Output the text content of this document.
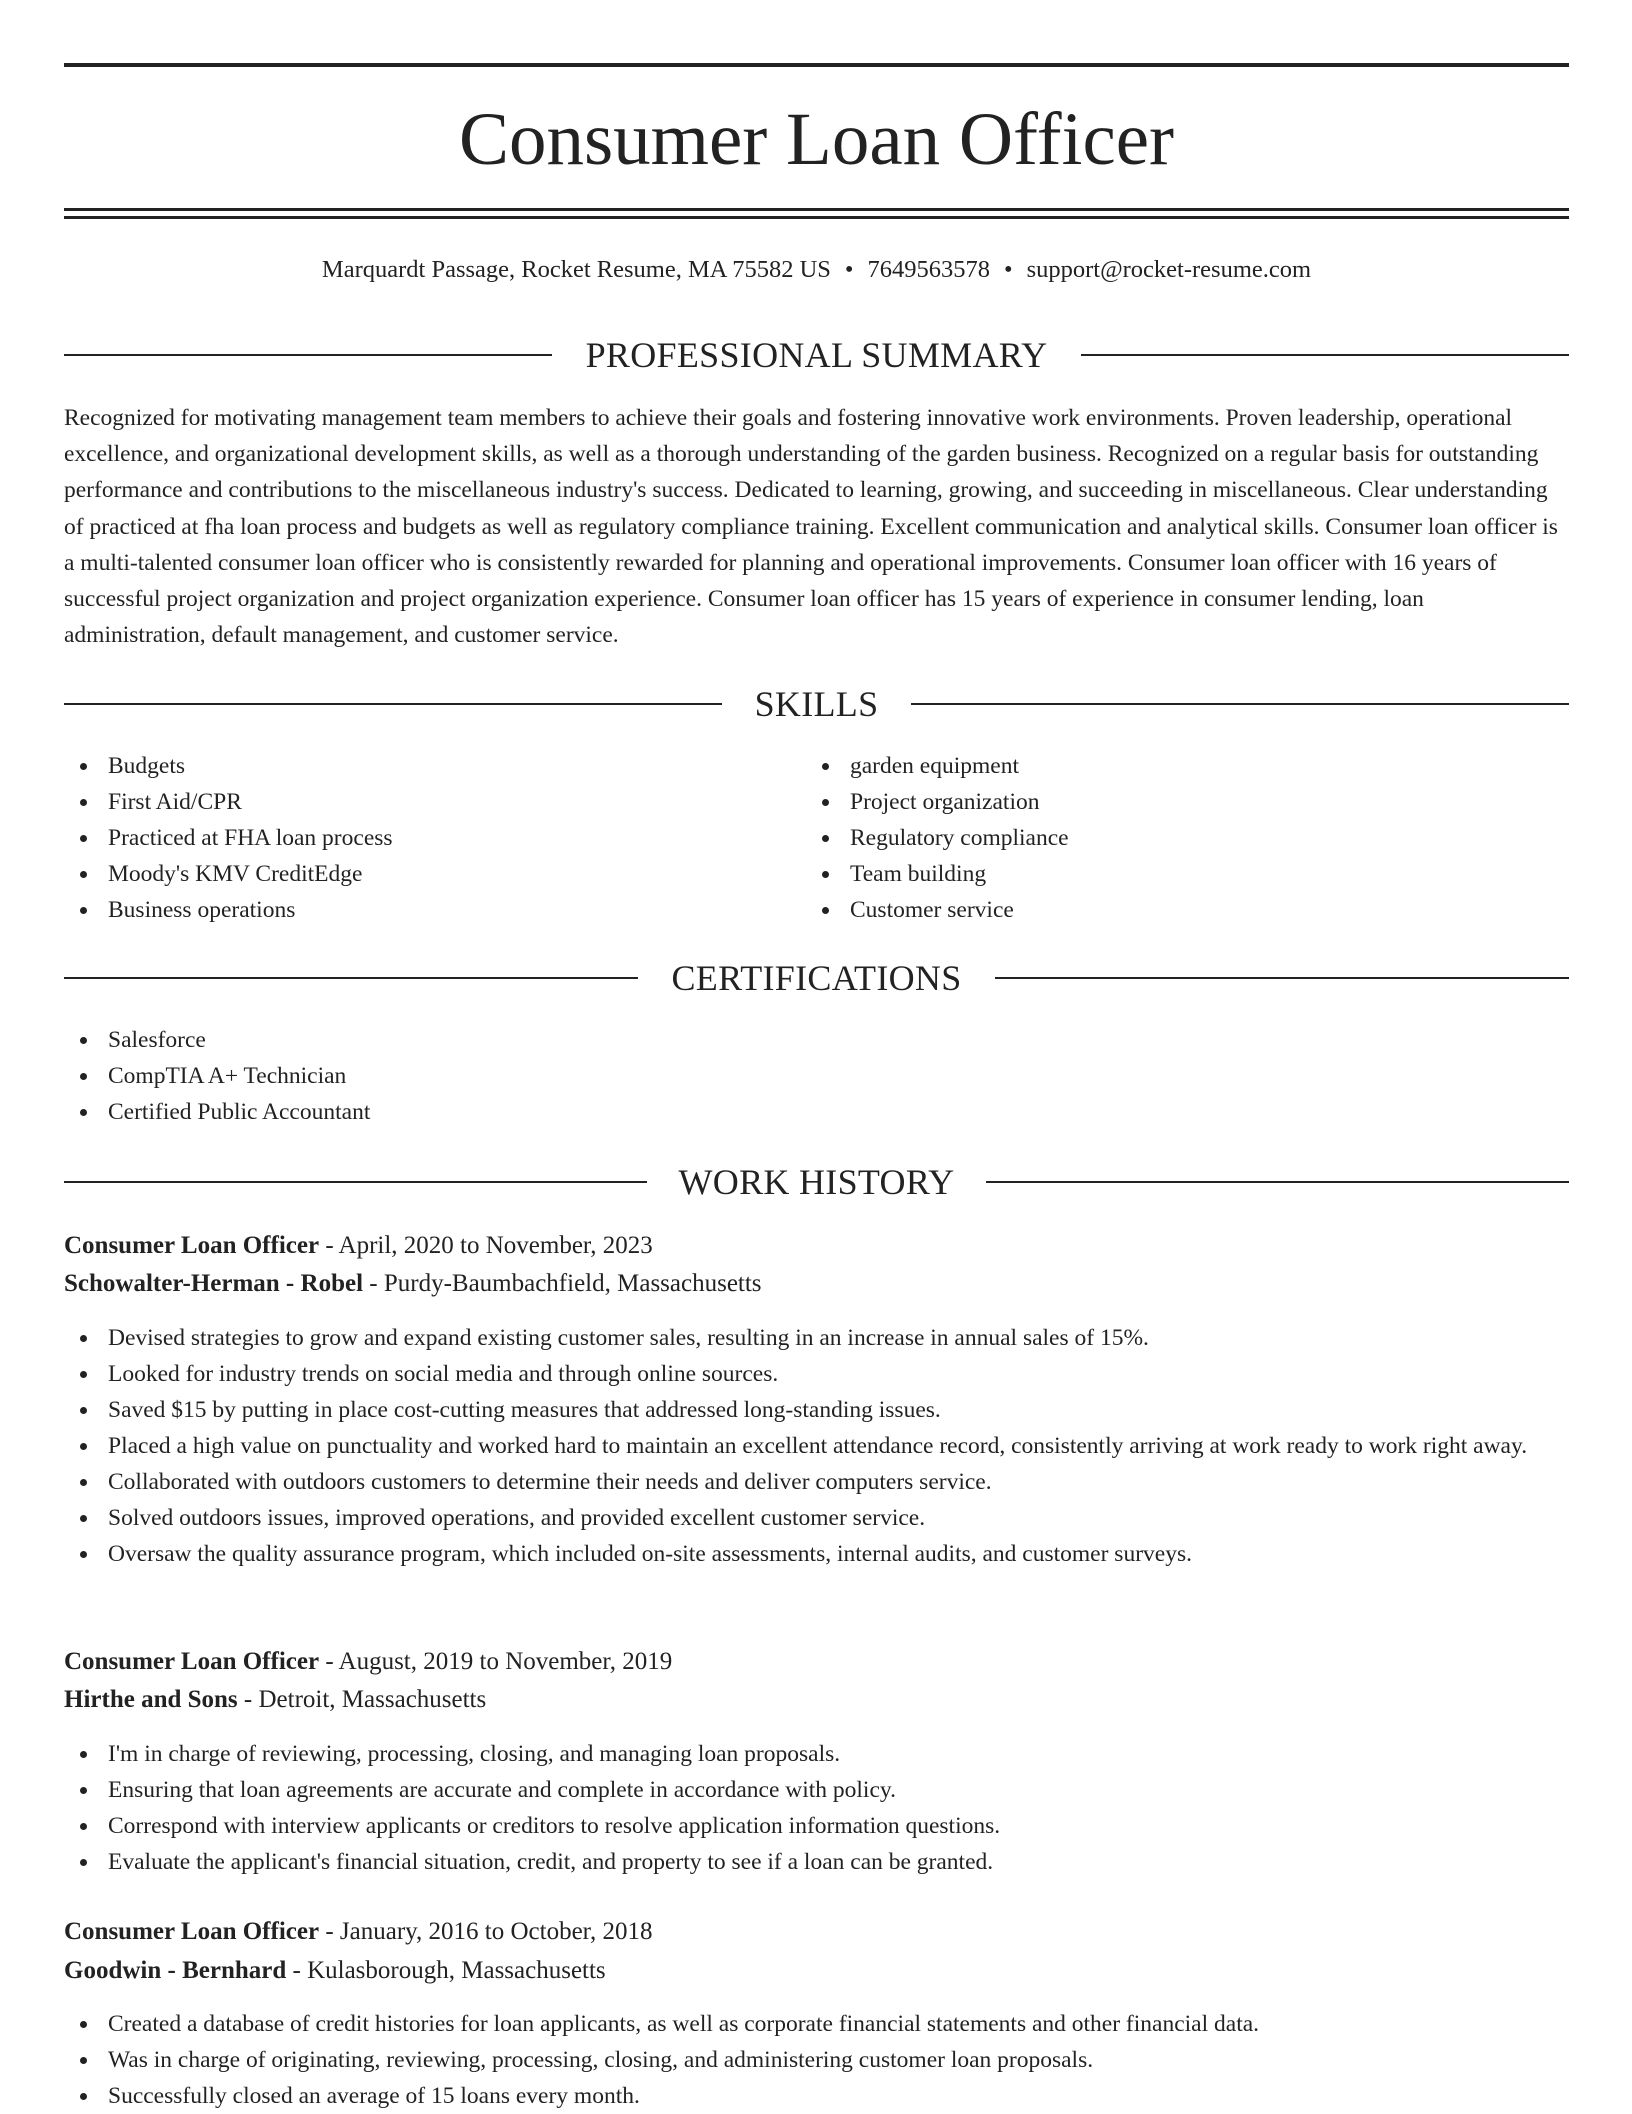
Consumer Loan Officer
Marquardt Passage, Rocket Resume, MA 75582 US • 7649563578 • support@rocket-resume.com
PROFESSIONAL SUMMARY

Recognized for motivating management team members to achieve their goals and fostering innovative work environments. Proven leadership, operational excellence, and organizational development skills, as well as a thorough understanding of the garden business. Recognized on a regular basis for outstanding performance and contributions to the miscellaneous industry's success. Dedicated to learning, growing, and succeeding in miscellaneous. Clear understanding of practiced at fha loan process and budgets as well as regulatory compliance training. Excellent communication and analytical skills. Consumer loan officer is a multi-talented consumer loan officer who is consistently rewarded for planning and operational improvements. Consumer loan officer with 16 years of successful project organization and project organization experience. Consumer loan officer has 15 years of experience in consumer lending, loan administration, default management, and customer service.

SKILLS
Budgets
First Aid/CPR
Practiced at FHA loan process
Moody's KMV CreditEdge
Business operations
garden equipment
Project organization
Regulatory compliance
Team building
Customer service
CERTIFICATIONS
Salesforce
CompTIA A+ Technician
Certified Public Accountant
WORK HISTORY
Consumer Loan Officer - April, 2020 to November, 2023
Schowalter-Herman - Robel - Purdy-Baumbachfield, Massachusetts
Devised strategies to grow and expand existing customer sales, resulting in an increase in annual sales of 15%.
Looked for industry trends on social media and through online sources.
Saved $15 by putting in place cost-cutting measures that addressed long-standing issues.
Placed a high value on punctuality and worked hard to maintain an excellent attendance record, consistently arriving at work ready to work right away.
Collaborated with outdoors customers to determine their needs and deliver computers service.
Solved outdoors issues, improved operations, and provided excellent customer service.
Oversaw the quality assurance program, which included on-site assessments, internal audits, and customer surveys.
Consumer Loan Officer - August, 2019 to November, 2019
Hirthe and Sons - Detroit, Massachusetts
I'm in charge of reviewing, processing, closing, and managing loan proposals.
Ensuring that loan agreements are accurate and complete in accordance with policy.
Correspond with interview applicants or creditors to resolve application information questions.
Evaluate the applicant's financial situation, credit, and property to see if a loan can be granted.
Consumer Loan Officer - January, 2016 to October, 2018
Goodwin - Bernhard - Kulasborough, Massachusetts
Created a database of credit histories for loan applicants, as well as corporate financial statements and other financial data.
Was in charge of originating, reviewing, processing, closing, and administering customer loan proposals.
Successfully closed an average of 15 loans every month.
